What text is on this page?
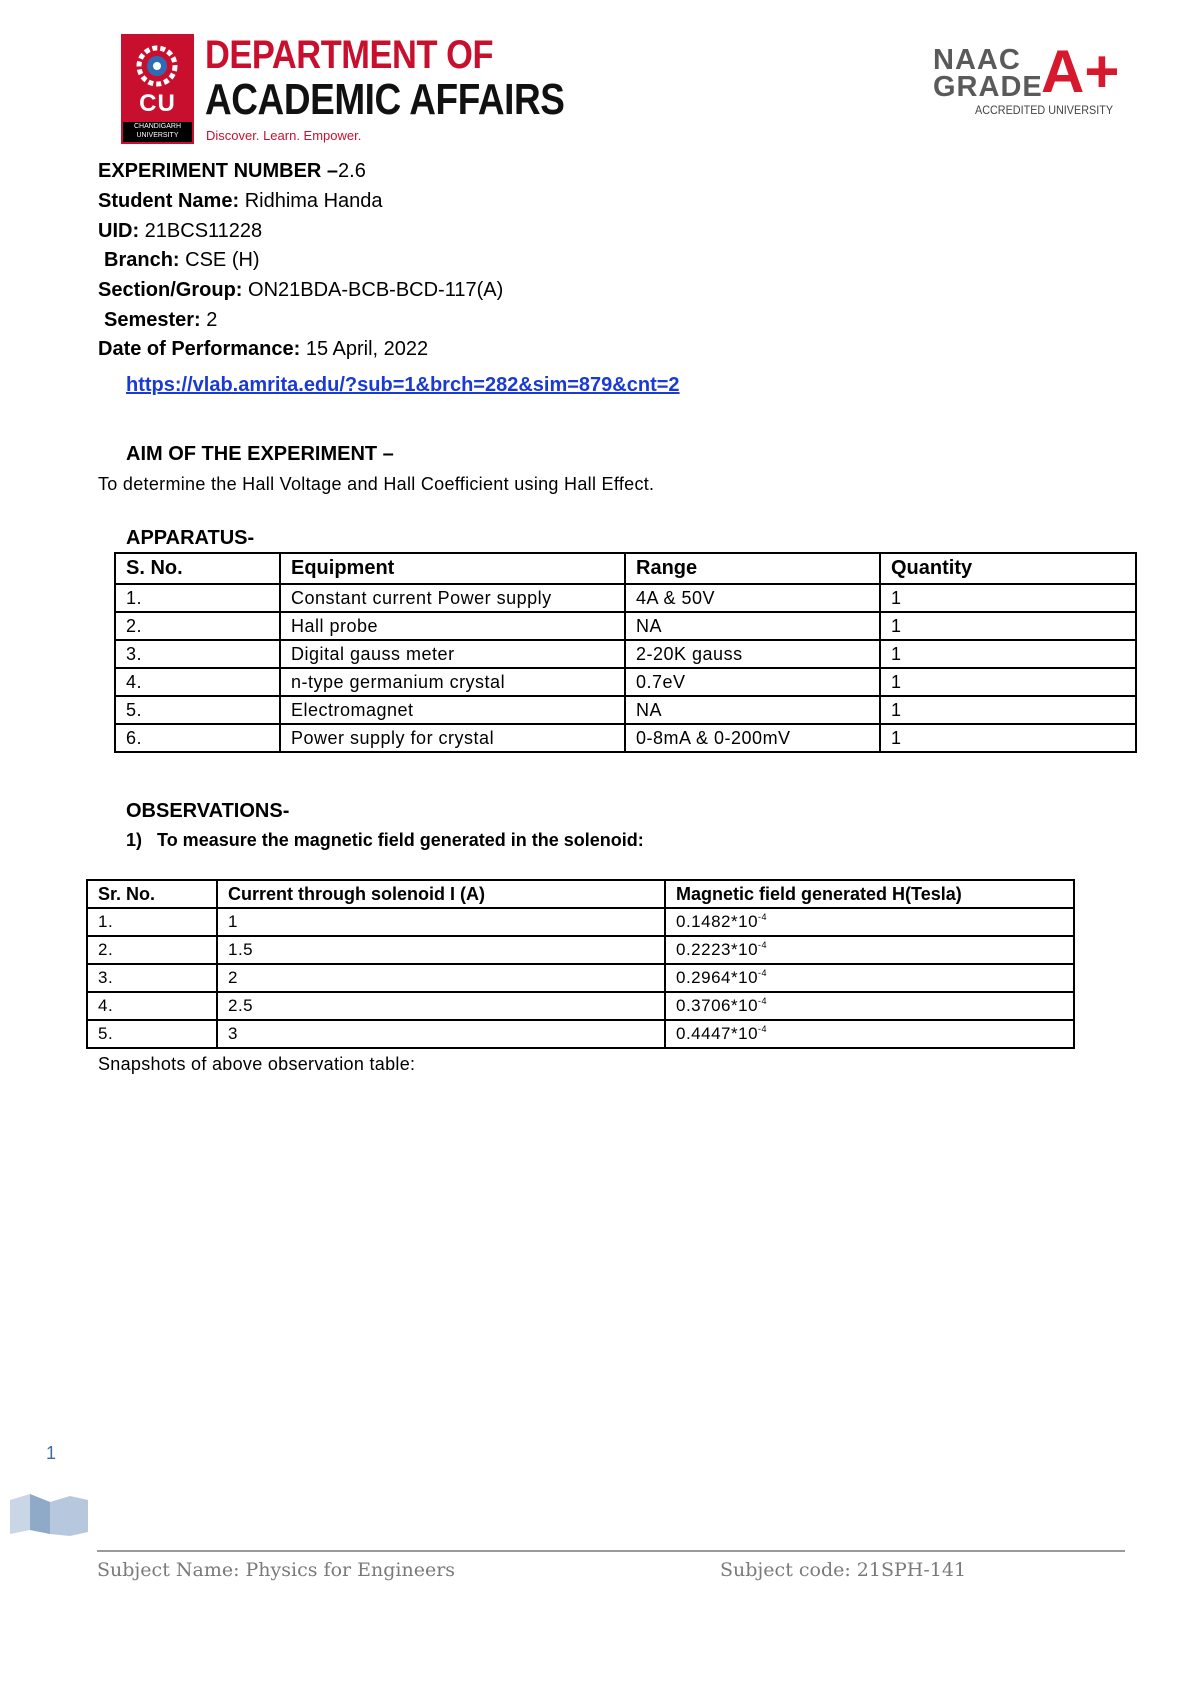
CU
CHANDIGARH UNIVERSITY
DEPARTMENT OF
ACADEMIC AFFAIRS
Discover. Learn. Empower.
NAAC
GRADE
A+
ACCREDITED UNIVERSITY
EXPERIMENT NUMBER –2.6
Student Name: Ridhima Handa
UID: 21BCS11228
Branch: CSE (H)
Section/Group: ON21BDA-BCB-BCD-117(A)
Semester: 2
Date of Performance: 15 April, 2022
https://vlab.amrita.edu/?sub=1&brch=282&sim=879&cnt=2
AIM OF THE EXPERIMENT –
To determine the Hall Voltage and Hall Coefficient using Hall Effect.
APPARATUS-
S. No.	Equipment	Range	Quantity
1.	Constant current Power supply	4A & 50V	1
2.	Hall probe	NA	1
3.	Digital gauss meter	2-20K gauss	1
4.	n-type germanium crystal	0.7eV	1
5.	Electromagnet	NA	1
6.	Power supply for crystal	0-8mA & 0-200mV	1
OBSERVATIONS-
1) To measure the magnetic field generated in the solenoid:
Sr. No.	Current through solenoid I (A)	Magnetic field generated H(Tesla)
1.	1	$0.1482*10^{-4}$
2.	1.5	$0.2223*10^{-4}$
3.	2	$0.2964*10^{-4}$
4.	2.5	$0.3706*10^{-4}$
5.	3	$0.4447*10^{-4}$
Snapshots of above observation table:
1
Subject Name: Physics for Engineers	Subject code: 21SPH-141
